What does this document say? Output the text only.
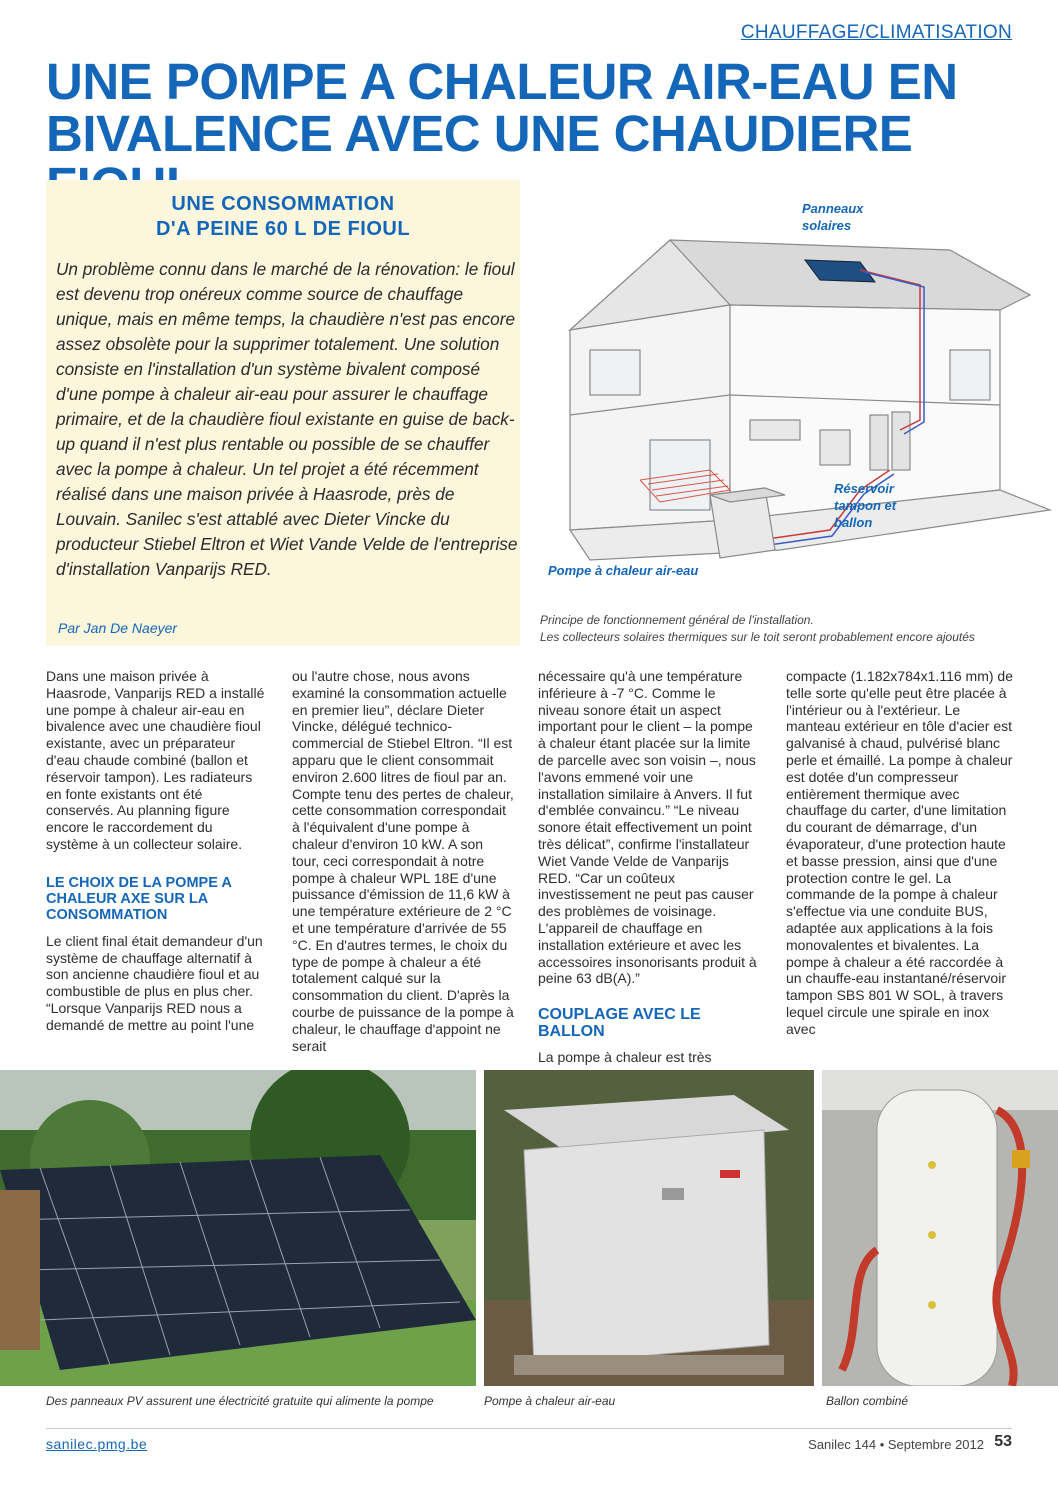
CHAUFFAGE/CLIMATISATION
UNE POMPE A CHALEUR AIR-EAU EN
BIVALENCE AVEC UNE CHAUDIERE
UNE CONSOMMATION
D'A PEINE 60 L DE FIOUL
Un problème connu dans le marché de la rénovation: le fioul est devenu trop onéreux comme source de chauffage unique, mais en même temps, la chaudière n'est pas encore assez obsolète pour la supprimer totalement. Une solution consiste en l'installation d'un système bivalent composé d'une pompe à chaleur air-eau pour assurer le chauffage primaire, et de la chaudière fioul existante en guise de back-up quand il n'est plus rentable ou possible de se chauffer avec la pompe à chaleur. Un tel projet a été récemment réalisé dans une maison privée à Haasrode, près de Louvain. Sanilec s'est attablé avec Dieter Vincke du producteur Stiebel Eltron et Wiet Vande Velde de l'entreprise d'installation Vanparijs RED.
Par Jan De Naeyer
Panneaux solaires
Réservoir tampon et ballon
Pompe à chaleur air-eau
Principe de fonctionnement général de l'installation.
Les collecteurs solaires thermiques sur le toit seront probablement encore ajoutés

Dans une maison privée à Haasrode, Vanparijs RED a installé une pompe à chaleur air-eau en bivalence avec une chaudière fioul existante, avec un préparateur d'eau chaude combiné (ballon et réservoir tampon). Les radiateurs en fonte existants ont été conservés. Au planning figure encore le raccordement du système à un collecteur solaire.

LE CHOIX DE LA POMPE A CHALEUR AXE SUR LA CONSOMMATION

Le client final était demandeur d'un système de chauffage alternatif à son ancienne chaudière fioul et au combustible de plus en plus cher. “Lorsque Vanparijs RED nous a demandé de mettre au point l'une

ou l'autre chose, nous avons examiné la consommation actuelle en premier lieu”, déclare Dieter Vincke, délégué technico-commercial de Stiebel Eltron. “Il est apparu que le client consommait environ 2.600 litres de fioul par an. Compte tenu des pertes de chaleur, cette consommation correspondait à l'équivalent d'une pompe à chaleur d'environ 10 kW. A son tour, ceci correspondait à notre pompe à chaleur WPL 18E d'une puissance d'émission de 11,6 kW à une température extérieure de 2 °C et une température d'arrivée de 55 °C. En d'autres termes, le choix du type de pompe à chaleur a été totalement calqué sur la consommation du client. D'après la courbe de puissance de la pompe à chaleur, le chauffage d'appoint ne serait

nécessaire qu'à une température inférieure à -7 °C. Comme le niveau sonore était un aspect important pour le client – la pompe à chaleur étant placée sur la limite de parcelle avec son voisin –, nous l'avons emmené voir une installation similaire à Anvers. Il fut d'emblée convaincu.” “Le niveau sonore était effectivement un point très délicat”, confirme l'installateur Wiet Vande Velde de Vanparijs RED. “Car un coûteux investissement ne peut pas causer des problèmes de voisinage. L'appareil de chauffage en installation extérieure et avec les accessoires insonorisants produit à peine 63 dB(A).”

COUPLAGE AVEC LE BALLON

La pompe à chaleur est très

compacte (1.182x784x1.116 mm) de telle sorte qu'elle peut être placée à l'intérieur ou à l'extérieur. Le manteau extérieur en tôle d'acier est galvanisé à chaud, pulvérisé blanc perle et émaillé. La pompe à chaleur est dotée d'un compresseur entièrement thermique avec chauffage du carter, d'une limitation du courant de démarrage, d'un évaporateur, d'une protection haute et basse pression, ainsi que d'une protection contre le gel. La commande de la pompe à chaleur s'effectue via une conduite BUS, adaptée aux applications à la fois monovalentes et bivalentes. La pompe à chaleur a été raccordée à un chauffe-eau instantané/réservoir tampon SBS 801 W SOL, à travers lequel circule une spirale en inox avec

Des panneaux PV assurent une électricité gratuite qui alimente la pompe	Pompe à chaleur air-eau	Ballon combiné
sanilec.pmg.be	Sanilec 144 • Septembre 2012 53
